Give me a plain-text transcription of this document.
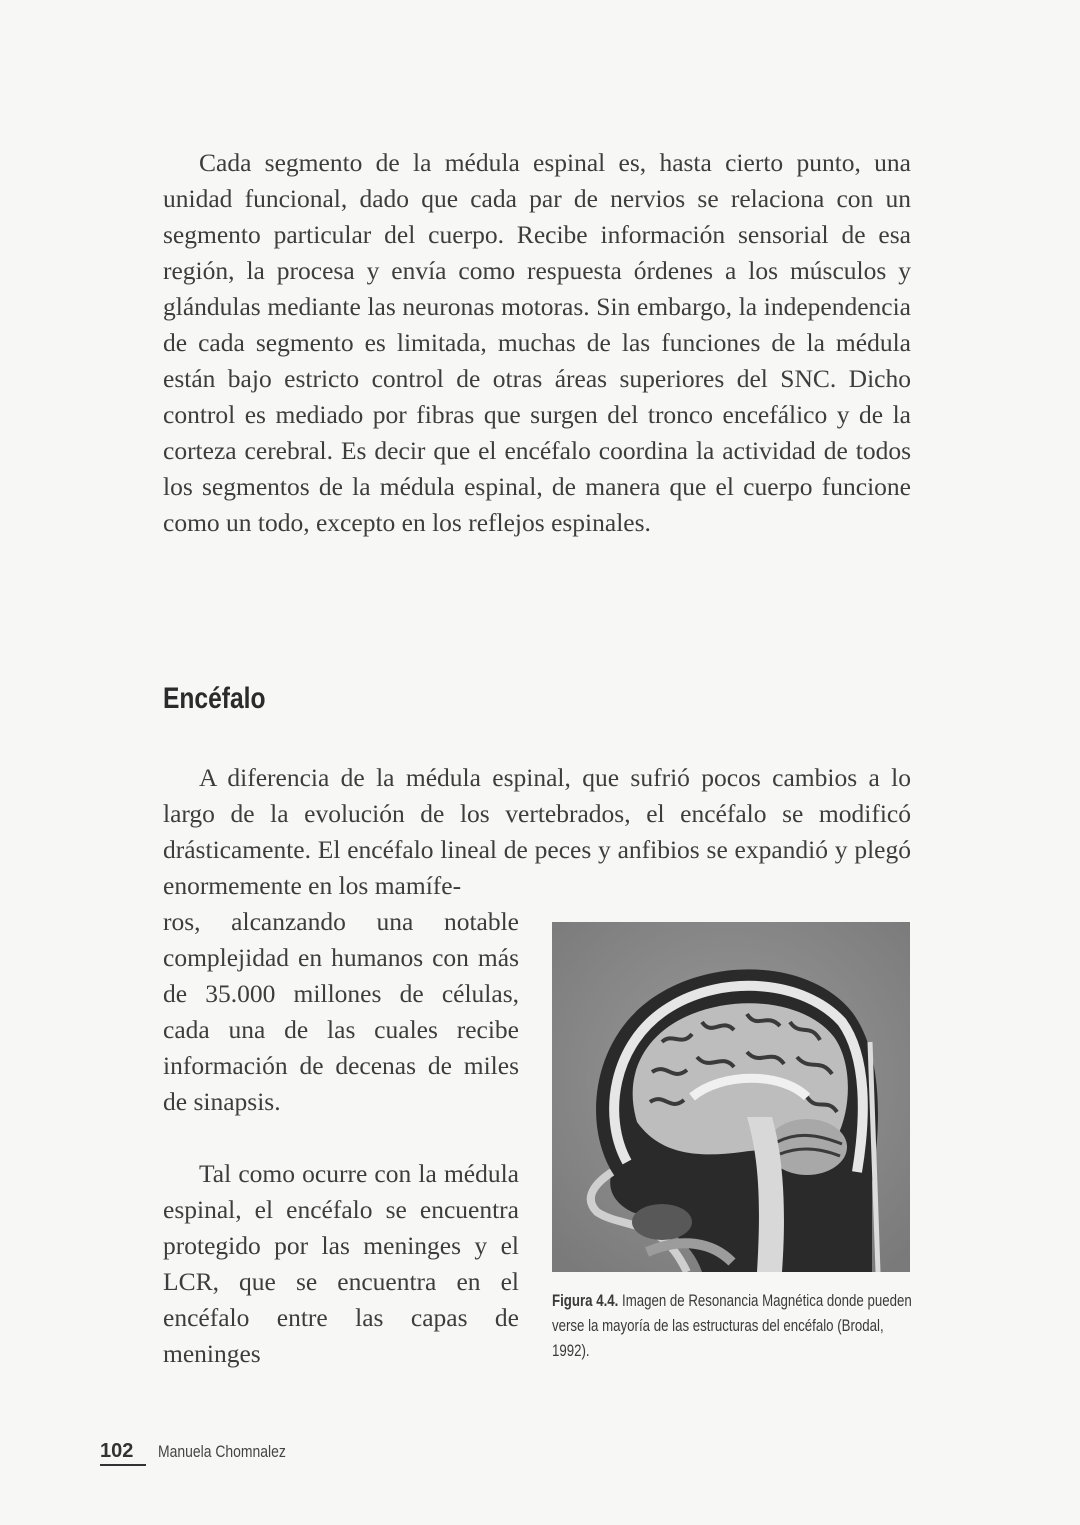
Cada segmento de la médula espinal es, hasta cierto punto, una unidad funcional, dado que cada par de nervios se relaciona con un segmento particular del cuerpo. Recibe información sensorial de esa región, la procesa y envía como respuesta órdenes a los músculos y glándulas mediante las neuronas motoras. Sin embargo, la independencia de cada segmento es limitada, muchas de las funciones de la médula están bajo estricto control de otras áreas superiores del SNC. Dicho control es mediado por fibras que surgen del tronco encefálico y de la corteza cerebral. Es decir que el encéfalo coordina la actividad de todos los segmentos de la médula espinal, de manera que el cuerpo funcione como un todo, excepto en los reflejos espinales.

Encéfalo

A diferencia de la médula espinal, que sufrió pocos cambios a lo largo de la evolución de los vertebrados, el encéfalo se modificó drásticamente. El encéfalo lineal de peces y anfibios se expandió y plegó enormemente en los mamífe-

ros, alcanzando una notable complejidad en humanos con más de 35.000 millones de células, cada una de las cuales recibe información de decenas de miles de sinapsis.

Tal como ocurre con la médula espinal, el encéfalo se encuentra protegido por las meninges y el LCR, que se encuentra en el encéfalo entre las capas de meninges

Figura 4.4. Imagen de Resonancia Magnética donde pueden verse la mayoría de las estructuras del encéfalo (Brodal, 1992).
102	Manuela Chomnalez
